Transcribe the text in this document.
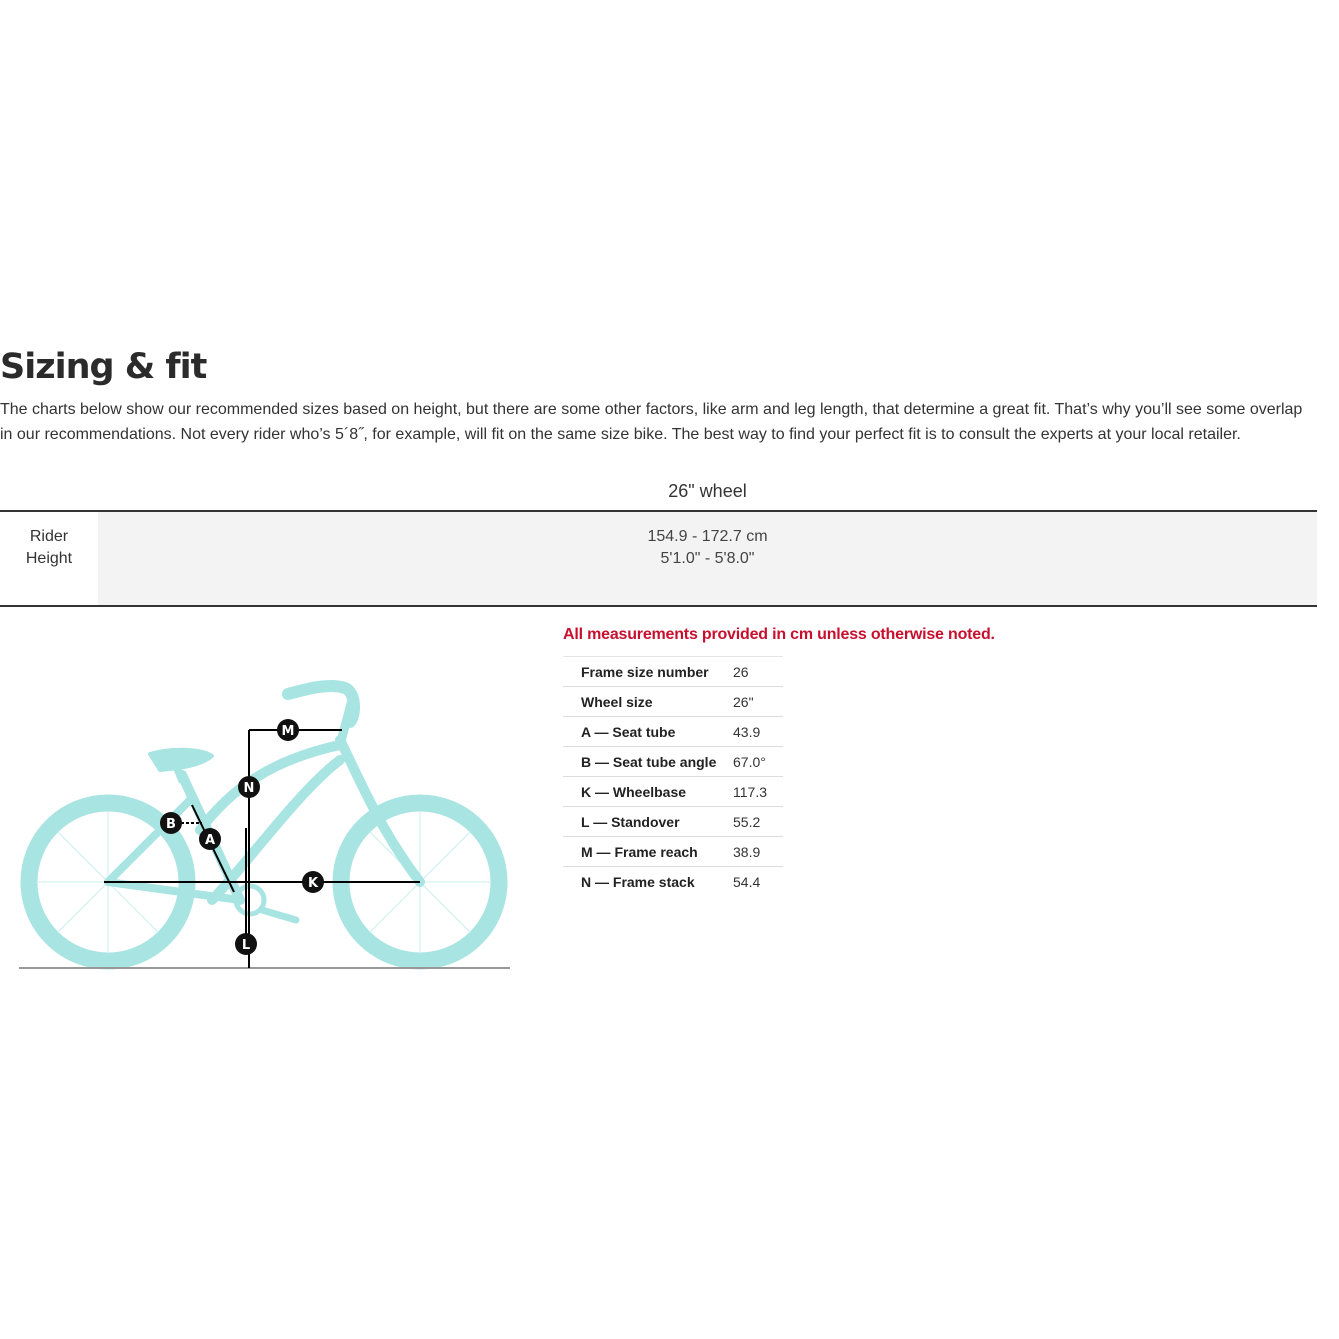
Sizing & fit

The charts below show our recommended sizes based on height, but there are some other factors, like arm and leg length, that determine a great fit. That’s why you’ll see some overlap in our recommendations. Not every rider who’s 5´8˝, for example, will fit on the same size bike. The best way to find your perfect fit is to consult the experts at your local retailer.

26" wheel
Rider
Height
154.9 - 172.7 cm
5'1.0" - 5'8.0"
M
N
B
A
K
L
All measurements provided in cm unless otherwise noted.
Frame size number	26
Wheel size	26"
A — Seat tube	43.9
B — Seat tube angle	67.0°
K — Wheelbase	117.3
L — Standover	55.2
M — Frame reach	38.9
N — Frame stack	54.4
